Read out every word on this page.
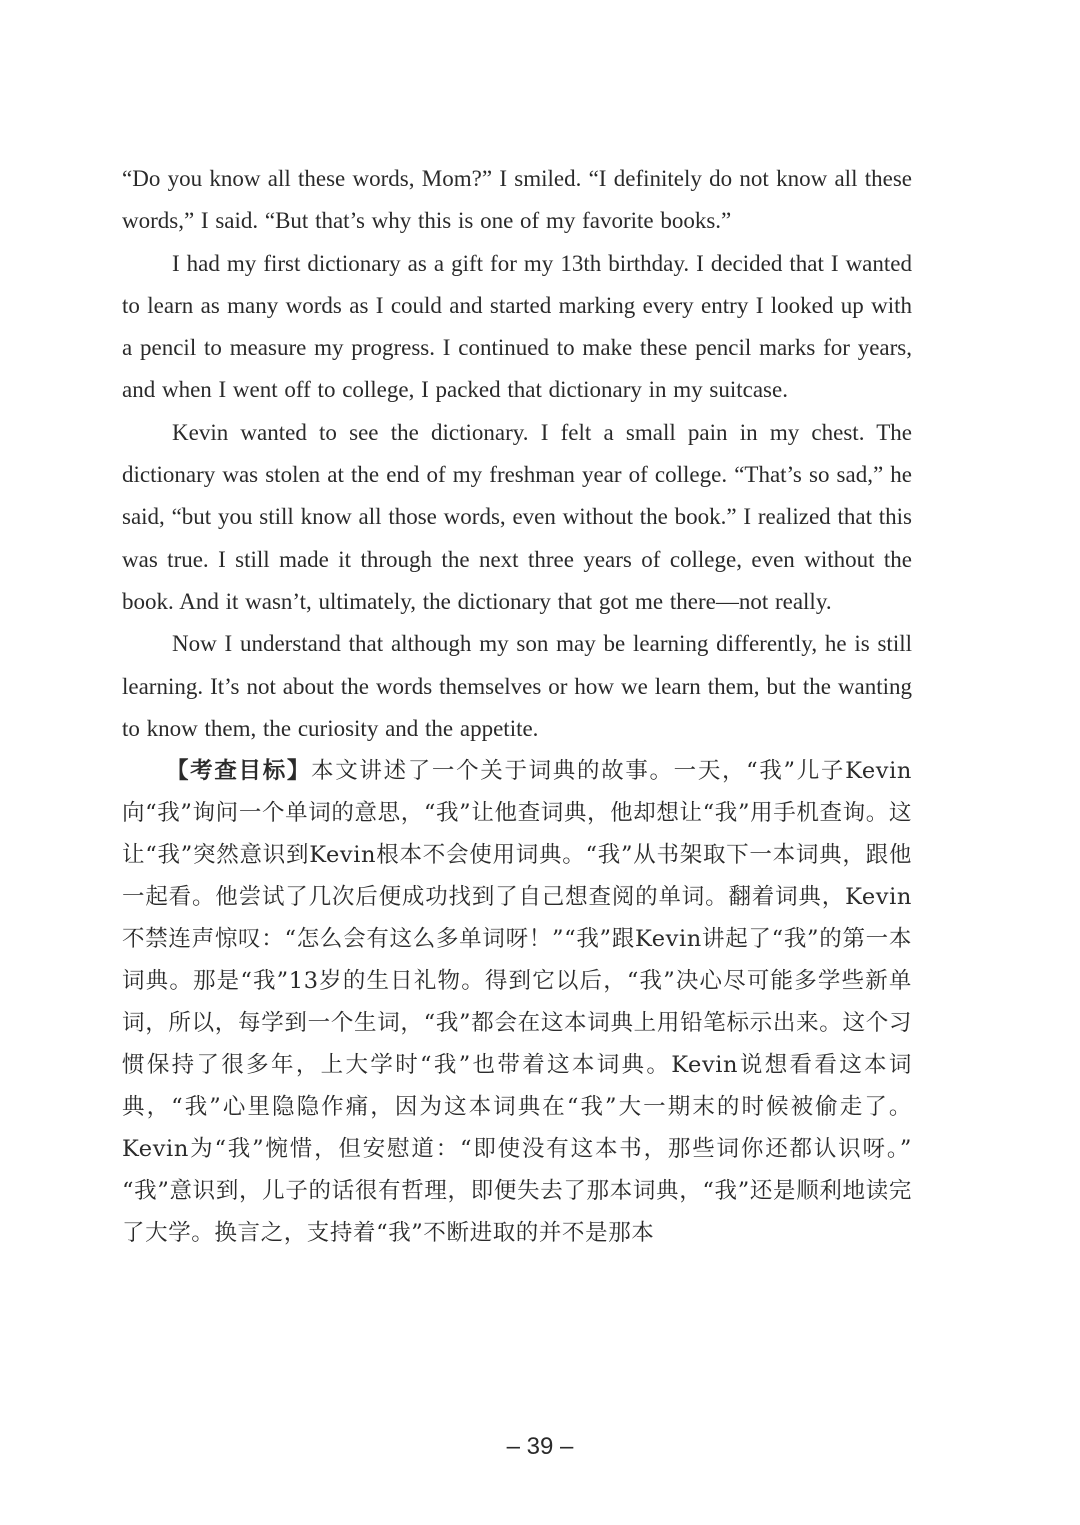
“Do you know all these words, Mom?” I smiled. “I definitely do not know all these words,” I said. “But that’s why this is one of my favorite books.”

I had my first dictionary as a gift for my 13th birthday. I decided that I wanted to learn as many words as I could and started marking every entry I looked up with a pencil to measure my progress. I continued to make these pencil marks for years, and when I went off to college, I packed that dictionary in my suitcase.

Kevin wanted to see the dictionary. I felt a small pain in my chest. The dictionary was stolen at the end of my freshman year of college. “That’s so sad,” he said, “but you still know all those words, even without the book.” I realized that this was true. I still made it through the next three years of college, even without the book. And it wasn’t, ultimately, the dictionary that got me there—not really.

Now I understand that although my son may be learning differently, he is still learning. It’s not about the words themselves or how we learn them, but the wanting to know them, the curiosity and the appetite.

【考查目标】本文讲述了一个关于词典的故事。一天，“我”儿子Kevin向“我”询问一个单词的意思，“我”让他查词典，他却想让“我”用手机查询。这让“我”突然意识到Kevin根本不会使用词典。“我”从书架取下一本词典，跟他一起看。他尝试了几次后便成功找到了自己想查阅的单词。翻着词典，Kevin不禁连声惊叹：“怎么会有这么多单词呀！”“我”跟Kevin讲起了“我”的第一本词典。那是“我”13岁的生日礼物。得到它以后，“我”决心尽可能多学些新单词，所以，每学到一个生词，“我”都会在这本词典上用铅笔标示出来。这个习惯保持了很多年，上大学时“我”也带着这本词典。Kevin说想看看这本词典，“我”心里隐隐作痛，因为这本词典在“我”大一期末的时候被偷走了。Kevin为“我”惋惜，但安慰道：“即使没有这本书，那些词你还都认识呀。” “我”意识到，儿子的话很有哲理，即便失去了那本词典，“我”还是顺利地读完了大学。换言之，支持着“我”不断进取的并不是那本

– 39 –
